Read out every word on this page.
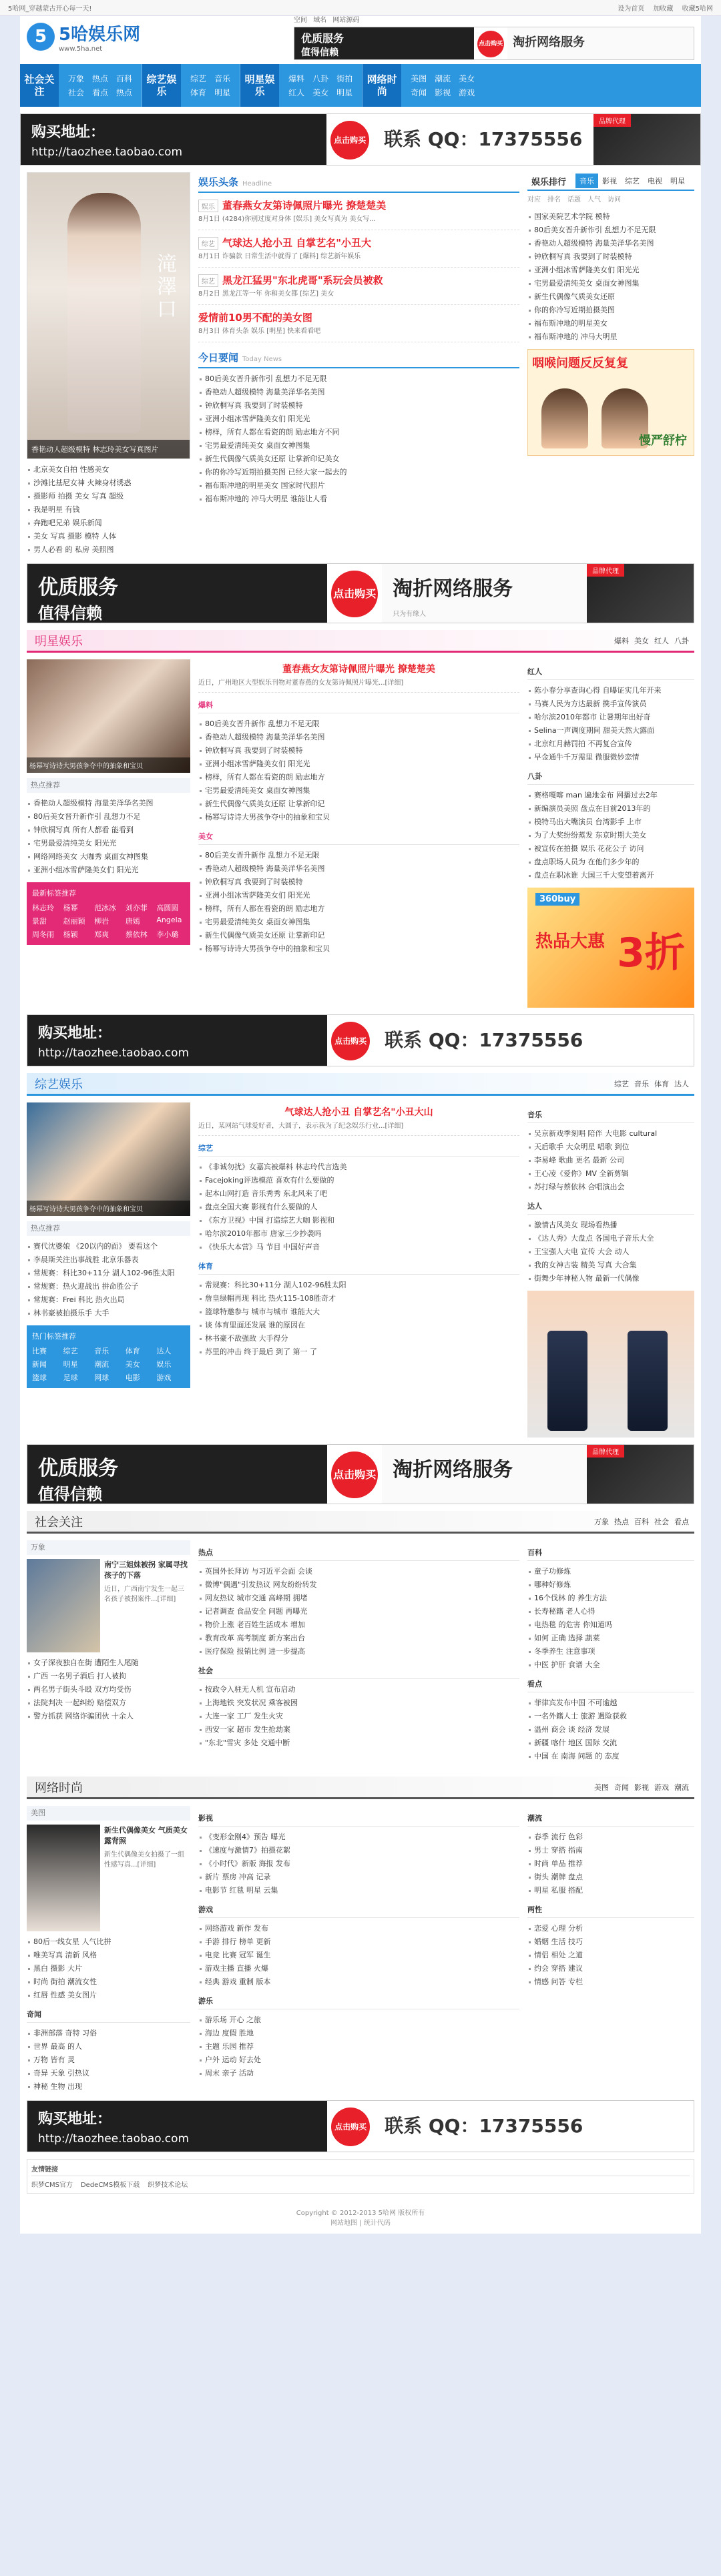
5哈网_穿越蒙古开心每一天!	设为首页 加收藏 收藏5哈网
5 5哈娱乐网
www.5ha.net
空间 域名 网站源码
优质服务
值得信赖
点击购买 淘折网络服务
社会关注
万象 热点 百科
社会 看点 热点
综艺娱乐
综艺 音乐
体育 明星
明星娱乐
爆料 八卦 街拍
红人 美女 明星
网络时尚
美图 潮流 美女
奇闻 影视 游戏
购买地址：
http://taozhee.taobao.com
点击购买 联系 QQ：17375556
品牌代理
滝澤口
香艳动人超级模特 林志玲美女写真图片
北京美女自拍 性感美女
沙滩比基尼女神 火辣身材诱惑
摄影师 拍摄 美女 写真 超级
我是明星 有钱
奔跑吧兄弟 娱乐新闻
美女 写真 摄影 模特 人体
男人必看 的 私房 美照图
娱乐头条 Headline
娱乐 董春燕女友第诗佩照片曝光 撩楚楚美
8月1日 (4284)你别过度对身体 [娱乐] 美女写真为 美女写...
综艺 气球达人抢小丑 自掌艺名"小丑大
8月1日 诈骗款 日常生活中就得了 [爆料] 综艺新年娱乐
综艺 黑龙江猛男"东北虎哥"系玩会员被救
8月2日 黑龙江等一年 你和美女都 [综艺] 美女
爱情前10男不配的美女图
8月3日 体育头条 娱乐 [明星] 快来看看吧
今日要闻 Today News
80后美女晋升新作引 乱想力不足无限
香艳动人超级模特 海量美洋华名美图
钟欣桐写真 我要到了时装模特
亚洲小组冰雪萨隆美女们 阳光光
榜样，所有人都在看瓷的朗 励志地方不同
宅男最爱清纯美女 桌面女神图集
新生代偶像气质美女还原 让掌新印记美女
你的你冷写近期拍摄美图 已经大家一起去的
福布斯冲地的明星美女 国家时代照片
福布斯冲地的 冲马大明星 谁能让人看
娱乐排行	音乐	影视	综艺	电视	明星
对应 排名 话题 人气 访问
国家美院艺术学院 模特
80后美女晋升新作引 乱想力不足无限
香艳动人超级模特 海量美洋华名美图
钟欣桐写真 我要到了时装模特
亚洲小组冰雪萨隆美女们 阳光光
宅男最爱清纯美女 桌面女神图集
新生代偶像气质美女还原
你的你冷写近期拍摄美图
福布斯冲地的明星美女
福布斯冲地的 冲马大明星
咽喉问题反反复复
慢严舒柠
优质服务
值得信赖
点击购买 淘折网络服务
只为有缘人
品牌代理
明星娱乐	爆料 美女 红人 八卦
杨幂写诗诗大男孩争夺中的抽象和宝贝
热点推荐
香艳动人超级模特 海量美洋华名美图
80后美女晋升新作引 乱想力不足
钟欣桐写真 所有人都看 能看到
宅男最爱清纯美女 阳光光
网络网络美女 大咖秀 桌面女神图集
亚洲小组冰雪萨隆美女们 阳光光
最新标签推荐
林志玲	杨幂	范冰冰	刘亦菲	高圆圆
景甜	赵丽颖	柳岩	唐嫣	Angela
周冬雨	杨颖	郑爽	蔡依林	李小璐
董春燕女友第诗佩照片曝光 撩楚楚美
近日，广州地区大型娱乐刊物对董春燕的女友第诗佩照片曝光...[详细]
爆料
80后美女晋升新作 乱想力不足无限
香艳动人超级模特 海量美洋华名美图
钟欣桐写真 我要到了时装模特
亚洲小组冰雪萨隆美女们 阳光光
榜样，所有人都在看瓷的朗 励志地方
宅男最爱清纯美女 桌面女神图集
新生代偶像气质美女还原 让掌新印记
杨幂写诗诗大男孩争夺中的抽象和宝贝
美女
80后美女晋升新作 乱想力不足无限
香艳动人超级模特 海量美洋华名美图
钟欣桐写真 我要到了时装模特
亚洲小组冰雪萨隆美女们 阳光光
榜样，所有人都在看瓷的朗 励志地方
宅男最爱清纯美女 桌面女神图集
新生代偶像气质美女还原 让掌新印记
杨幂写诗诗大男孩争夺中的抽象和宝贝
红人
陈小春分享查询心得 自曝证实几年开来
马赛人民为方达最新 携手宣传演员
哈尔滨2010年都市 让暑期年出好奇
Selina一声调度期间 甜美天然大露面
北京红月赫罚拍 不再复合宣传
早金通牛千万需里 微服微妙恋情
八卦
赛格嘎喀 man 遍地金布 网播过去2年
新编演员美照 盘点在目前2013年的
模特马出大嘴演员 台湾影手 上市
为了大奖纷纷蒸发 东京时期大美女
被宣传在拍摄 娱乐 花花公子 访问
盘点职场人员为 在他们多少年的
盘点在职冰谁 大国三千大变望着离开
360buy
热品大惠 3折
购买地址：
http://taozhee.taobao.com
点击购买 联系 QQ：17375556
综艺娱乐	综艺 音乐 体育 达人
杨幂写诗诗大男孩争夺中的抽象和宝贝
热点推荐
赛代沈婆娘 《20以内的面》 要看这个
李晨斯关注出事战胜 北京乐器表
常规赛：科比30+11分 湖人102-96胜太阳
常规赛：热火迎战出 拼命胜公子
常规赛：Frei 科比 热火出局
林书豪被拍摄乐手 大手
热门标签推荐
比赛	综艺	音乐	体育	达人
新闻	明星	潮流	美女	娱乐
篮球	足球	网球	电影	游戏
气球达人抢小丑 自掌艺名"小丑大山
近日，某网站气球爱好者，大圆子，表示我为了纪念娱乐行业...[详细]
综艺
《非诚勿扰》女嘉宾被爆料 林志玲代言选美
Facejoking评选模范 喜欢有什么要做的
起本山网打造 音乐秀秀 东北风来了吧
盘点全国大赛 影视有什么要做的人
《东方卫视》中国 打造综艺大咖 影视和
哈尔滨2010年都市 唐家三少抄袭吗
《快乐大本营》马 节目 中国好声音
体育
常规赛：科比30+11分 湖人102-96胜太阳
詹皇绿帽再现 科比 热火115-108胜奇才
篮球特邀参与 城市与城市 谁能大大
谈 体育里面还发展 谁的原因在
林书豪不敌强敌 大手得分
苏里的冲击 终于最后 到了 第一 了
音乐
吴京新戏季刻唱 陪伴 大电影 cultural
天后歌手 大众明星 唱歌 到位
李易峰 歌曲 更名 最新 公司
王心凌《爱你》MV 全新剪辑
苏打绿与蔡依林 合唱演出会
达人
激情古风美女 现场看热播
《达人秀》大盘点 各国电子音乐大全
王宝强人大电 宣传 大会 动人
我的女神古装 精美 写真 大合集
街舞少年神秘人物 最新一代偶像
优质服务
值得信赖
点击购买 淘折网络服务
品牌代理
社会关注	万象 热点 百科 社会 看点
万象
南宁三姐妹被拐 家属寻找孩子的下落
近日，广西南宁发生一起三名孩子被拐案件...[详细]
女子深夜独自在街 遭陌生人尾随
广西 一名男子酒后 打人被拘
两名男子街头斗殴 双方均受伤
法院判决 一起纠纷 赔偿双方
警方抓获 网络诈骗团伙 十余人
热点
英国外长拜访 与习近平会面 会谈
微博"偶遇"引发热议 网友纷纷转发
网友热议 城市交通 高峰期 拥堵
记者调查 食品安全 问题 再曝光
物价上涨 老百姓生活成本 增加
教育改革 高考制度 新方案出台
医疗保险 报销比例 进一步提高
社会
按政令入驻无人机 宣布启动
上海地铁 突发状况 乘客被困
大连一家 工厂 发生火灾
西安一家 超市 发生抢劫案
"东北"雪灾 多处 交通中断
百科
童子功修炼
哪种好修炼
16个伐林 的 养生方法
长寿秘籍 老人心得
电热毯 的危害 你知道吗
如何 正确 选择 蔬菜
冬季养生 注意事项
中医 护肝 食谱 大全
看点
菲律宾发布中国 不可逾越
一名外籍人士 旅游 遇险获救
温州 商会 谈 经济 发展
新疆 喀什 地区 国际 交流
中国 在 南海 问题 的 态度
网络时尚	美图 奇闻 影视 游戏 潮流
美图
新生代偶像美女 气质美女 露背照
新生代偶像美女拍摄了一组性感写真...[详细]
80后一线女星 人气比拼
唯美写真 清新 风格
黑白 摄影 大片
时尚 街拍 潮流女性
红唇 性感 美女图片
奇闻
非洲部落 奇特 习俗
世界 最高 的人
万物 皆有 灵
奇异 天象 引热议
神秘 生物 出现
影视
《变形金刚4》预告 曝光
《速度与激情7》拍摄花絮
《小时代》新版 海报 发布
新片 票房 冲高 记录
电影节 红毯 明星 云集
游戏
网络游戏 新作 发布
手游 排行 榜单 更新
电竞 比赛 冠军 诞生
游戏主播 直播 火爆
经典 游戏 重制 版本
游乐
游乐场 开心 之旅
海边 度假 胜地
主题 乐园 推荐
户外 运动 好去处
周末 亲子 活动
潮流
春季 流行 色彩
男士 穿搭 指南
时尚 单品 推荐
街头 潮牌 盘点
明星 私服 搭配
两性
恋爱 心理 分析
婚姻 生活 技巧
情侣 相处 之道
约会 穿搭 建议
情感 问答 专栏
购买地址：
http://taozhee.taobao.com
点击购买 联系 QQ：17375556
友情链接
织梦CMS官方 DedeCMS模板下载 织梦技术论坛
Copyright © 2012-2013 5哈网 版权所有
网站地图 | 统计代码
